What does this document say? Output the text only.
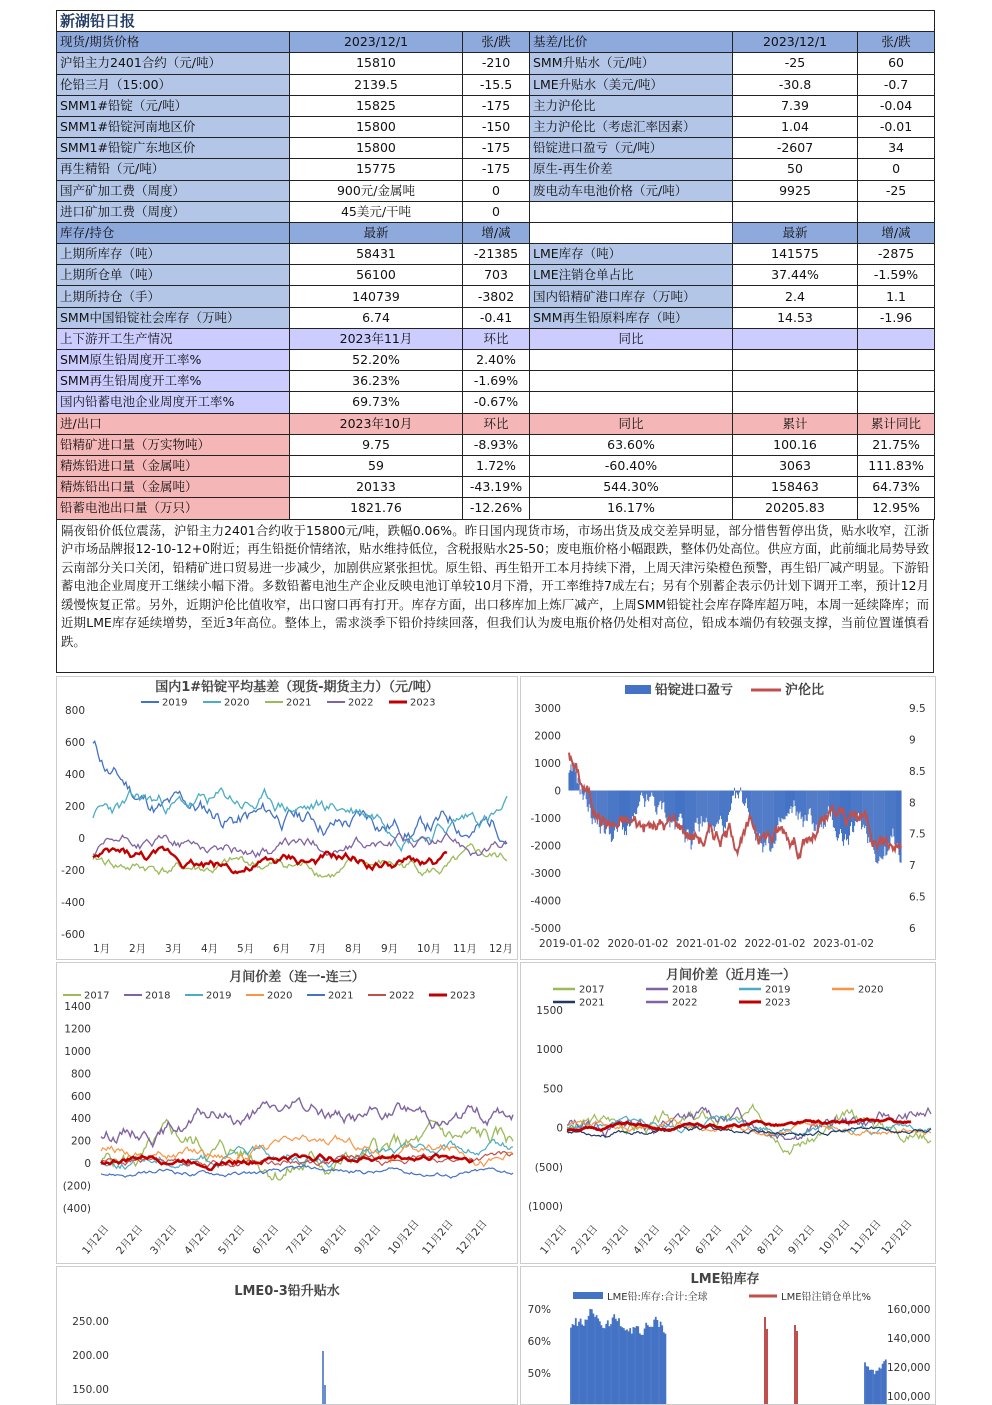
新湖铅日报					
现货/期货价格	2023/12/1	张/跌	基差/比价	2023/12/1	张/跌
沪铅主力2401合约（元/吨）	15810	-210	SMM升贴水（元/吨）	-25	60
伦铅三月（15:00）	2139.5	-15.5	LME升贴水（美元/吨）	-30.8	-0.7
SMM1#铅锭（元/吨）	15825	-175	主力沪伦比	7.39	-0.04
SMM1#铅锭河南地区价	15800	-150	主力沪伦比（考虑汇率因素）	1.04	-0.01
SMM1#铅锭广东地区价	15800	-175	铅锭进口盈亏（元/吨）	-2607	34
再生精铅（元/吨）	15775	-175	原生-再生价差	50	0
国产矿加工费（周度）	900元/金属吨	0	废电动车电池价格（元/吨）	9925	-25
进口矿加工费（周度）	45美元/干吨	0			
库存/持仓	最新	增/减		最新	增/减
上期所库存（吨）	58431	-21385	LME库存（吨）	141575	-2875
上期所仓单（吨）	56100	703	LME注销仓单占比	37.44%	-1.59%
上期所持仓（手）	140739	-3802	国内铅精矿港口库存（万吨）	2.4	1.1
SMM中国铅锭社会库存（万吨）	6.74	-0.41	SMM再生铅原料库存（吨）	14.53	-1.96
上下游开工生产情况	2023年11月	环比	同比		
SMM原生铅周度开工率%	52.20%	2.40%			
SMM再生铅周度开工率%	36.23%	-1.69%			
国内铅蓄电池企业周度开工率%	69.73%	-0.67%			
进/出口	2023年10月	环比	同比	累计	累计同比
铅精矿进口量（万实物吨）	9.75	-8.93%	63.60%	100.16	21.75%
精炼铅进口量（金属吨）	59	1.72%	-60.40%	3063	111.83%
精炼铅出口量（金属吨）	20133	-43.19%	544.30%	158463	64.73%
铅蓄电池出口量（万只）	1821.76	-12.26%	16.17%	20205.83	12.95%
隔夜铅价低位震荡，沪铅主力2401合约收于15800元/吨，跌幅0.06%。昨日国内现货市场，市场出货及成交差异明显，部分惜售暂停出货，贴水收窄，江浙沪市场品牌报12-10-12+0附近；再生铅挺价情绪浓，贴水维持低位，含税报贴水25-50；废电瓶价格小幅跟跌，整体仍处高位。供应方面，此前缅北局势导致云南部分关口关闭，铅精矿进口贸易进一步减少，加剧供应紧张担忧。原生铅、再生铅开工本月持续下滑，上周天津污染橙色预警，再生铅厂减产明显。下游铅蓄电池企业周度开工继续小幅下滑。多数铅蓄电池生产企业反映电池订单较10月下滑，开工率维持7成左右；另有个别蓄企表示仍计划下调开工率，预计12月缓慢恢复正常。另外，近期沪伦比值收窄，出口窗口再有打开。库存方面，出口移库加上炼厂减产，上周SMM铅锭社会库存降库超万吨，本周一延续降库；而近期LME库存延续增势，至近3年高位。整体上，需求淡季下铅价持续回落，但我们认为废电瓶价格仍处相对高位，铅成本端仍有较强支撑，当前位置谨慎看跌。
国内1#铅锭平均基差（现货-期货主力）（元/吨）
2019	2020	2021	2022	2023
800
600
400
200
0
-200
-400
-600
1月 2月 3月 4月 5月 6月 7月 8月 9月 10月 11月 12月
铅锭进口盈亏	沪伦比
3000
2000
1000
0
-1000
-2000
-3000
-4000
-5000
9.5
9
8.5
8
7.5
7
6.5
6
2019-01-02 2020-01-02 2021-01-02 2022-01-02 2023-01-02
月间价差（连一-连三）
2017	2018	2019	2020	2021	2022	2023
1400
1200
1000
800
600
400
200
0
(200)
(400)
1月2日 2月2日 3月2日 4月2日 5月2日 6月2日 7月2日 8月2日 9月2日 10月2日
11月2日
12月2日
月间价差（近月连一）
2017	2018	2019	2020
2021	2022	2023
1500
1000
500
0
(500)
(1000)
1月2日 2月2日 3月2日 4月2日 5月2日 6月2日 7月2日 8月2日 9月2日 10月2日
11月2日
12月2日
LME0-3铅升贴水
250.00
200.00
150.00
LME铅库存
LME铅:库存:合计:全球	LME铅注销仓单比%
70%
60%
50%
160,000
140,000
120,000
100,000
